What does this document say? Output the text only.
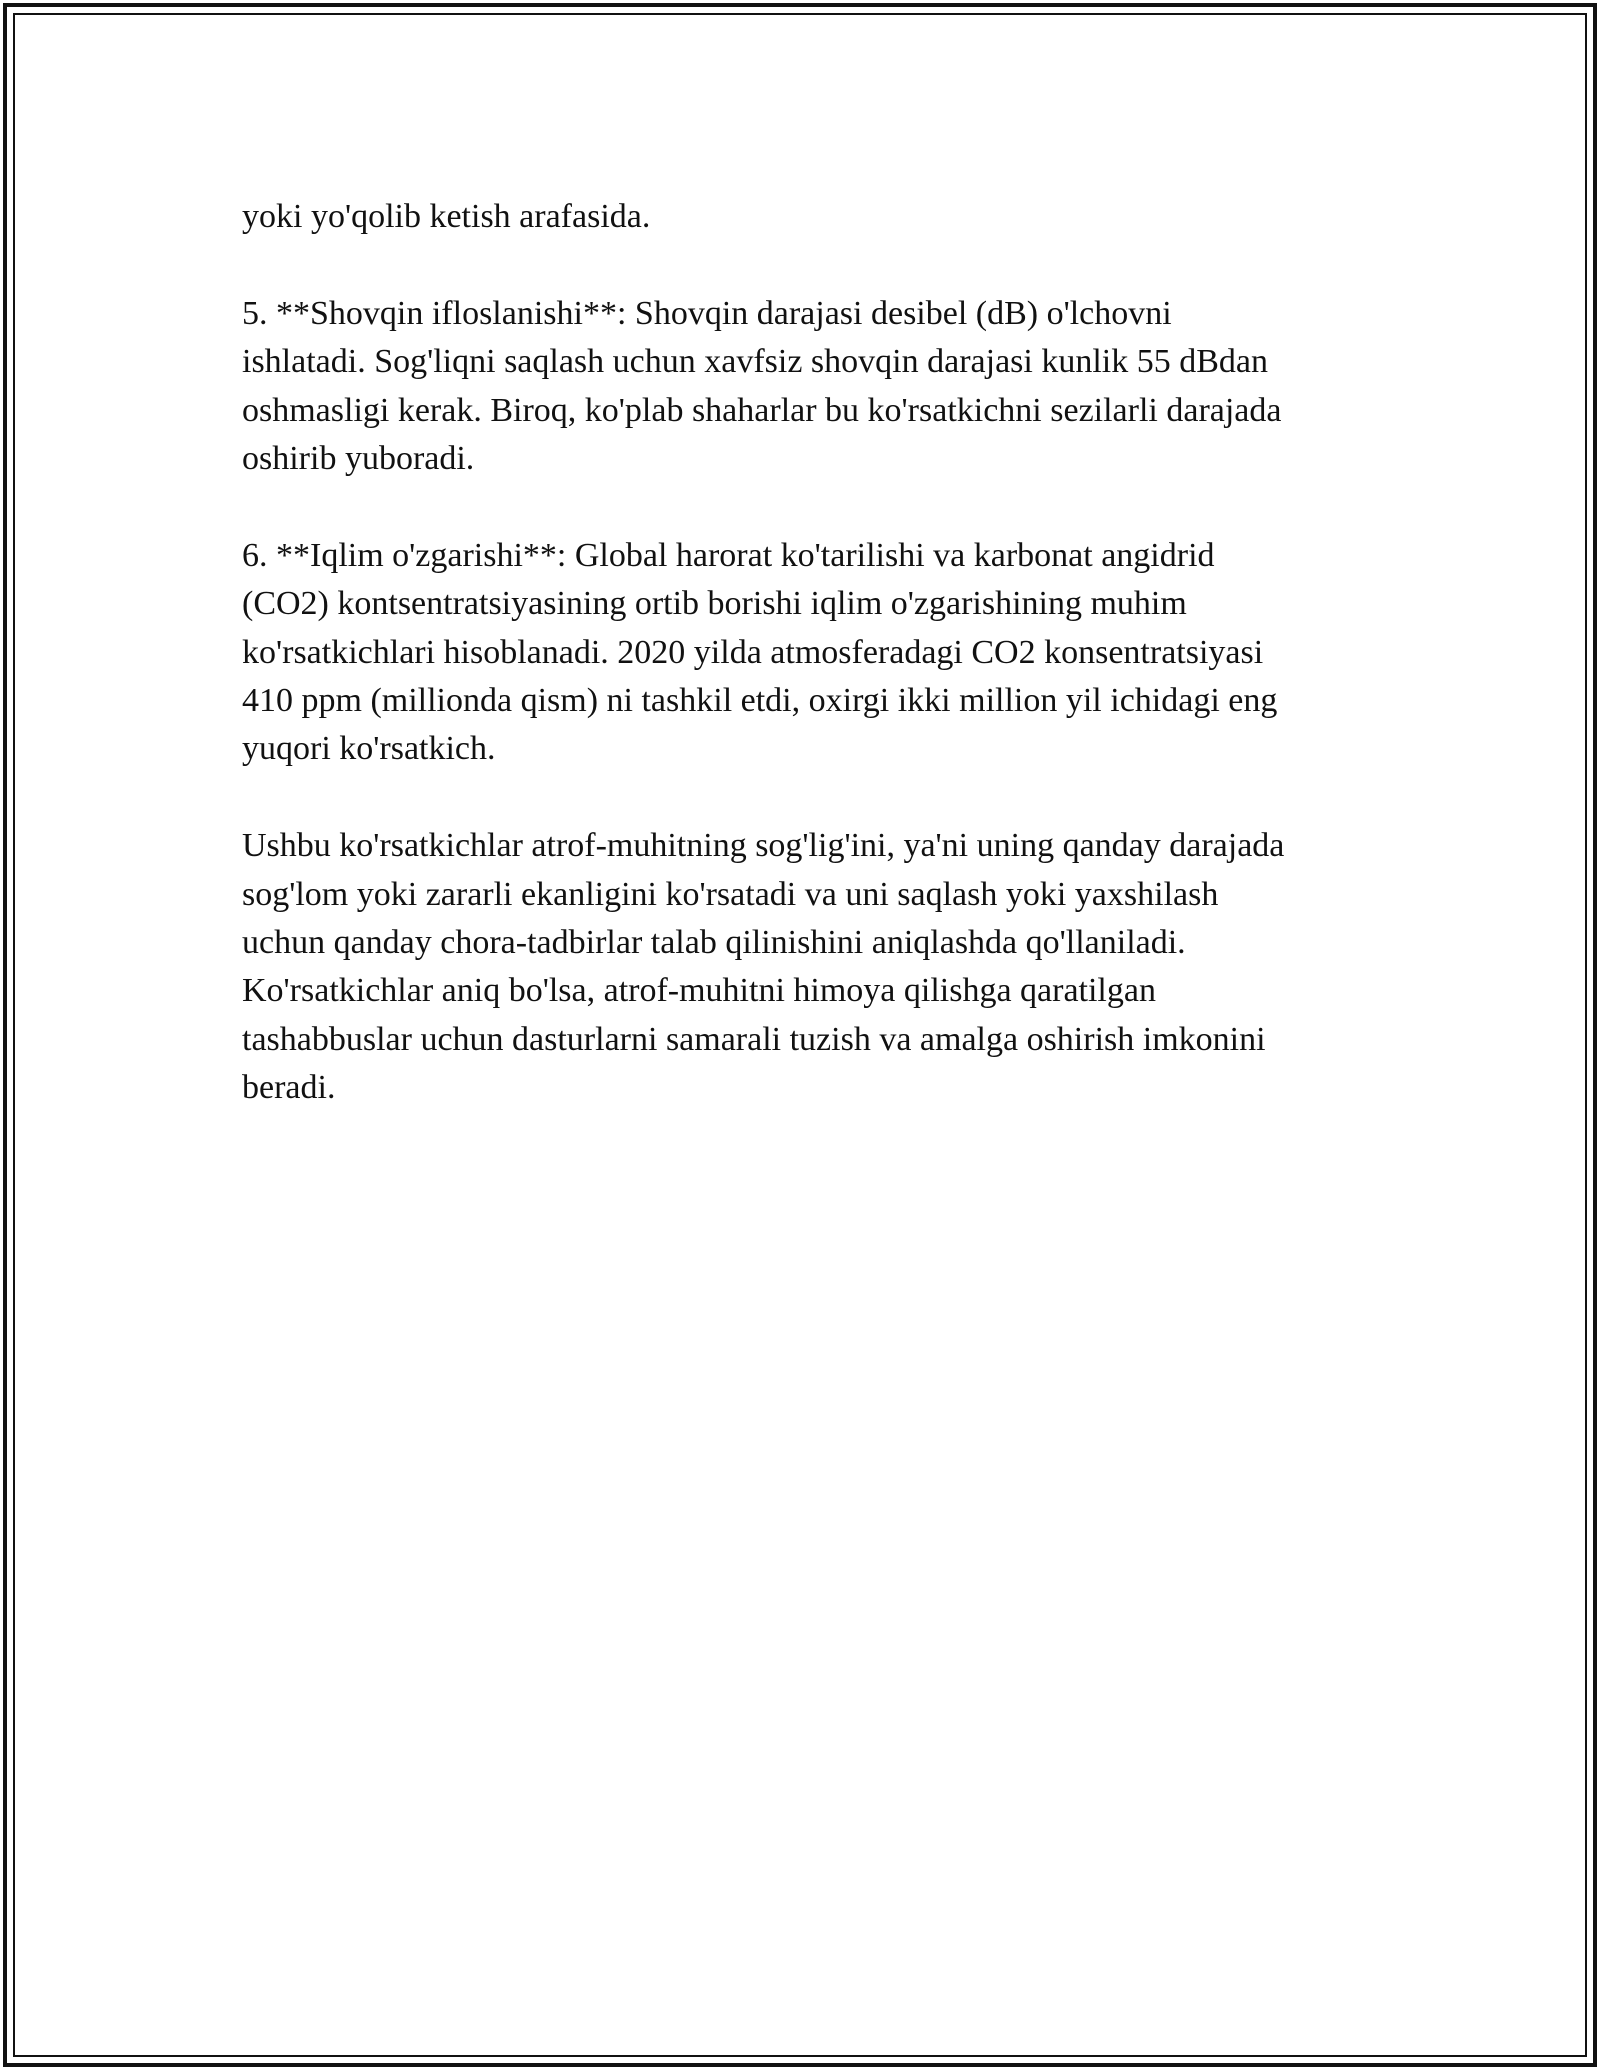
yoki yo'qolib ketish arafasida.

5. **Shovqin ifloslanishi**: Shovqin darajasi desibel (dB) o'lchovni
ishlatadi. Sog'liqni saqlash uchun xavfsiz shovqin darajasi kunlik 55 dBdan
oshmasligi kerak. Biroq, ko'plab shaharlar bu ko'rsatkichni sezilarli darajada
oshirib yuboradi.

6. **Iqlim o'zgarishi**: Global harorat ko'tarilishi va karbonat angidrid
(CO2) kontsentratsiyasining ortib borishi iqlim o'zgarishining muhim
ko'rsatkichlari hisoblanadi. 2020 yilda atmosferadagi CO2 konsentratsiyasi
410 ppm (millionda qism) ni tashkil etdi, oxirgi ikki million yil ichidagi eng
yuqori ko'rsatkich.

Ushbu ko'rsatkichlar atrof-muhitning sog'lig'ini, ya'ni uning qanday darajada
sog'lom yoki zararli ekanligini ko'rsatadi va uni saqlash yoki yaxshilash
uchun qanday chora-tadbirlar talab qilinishini aniqlashda qo'llaniladi.
Ko'rsatkichlar aniq bo'lsa, atrof-muhitni himoya qilishga qaratilgan
tashabbuslar uchun dasturlarni samarali tuzish va amalga oshirish imkonini
beradi.
